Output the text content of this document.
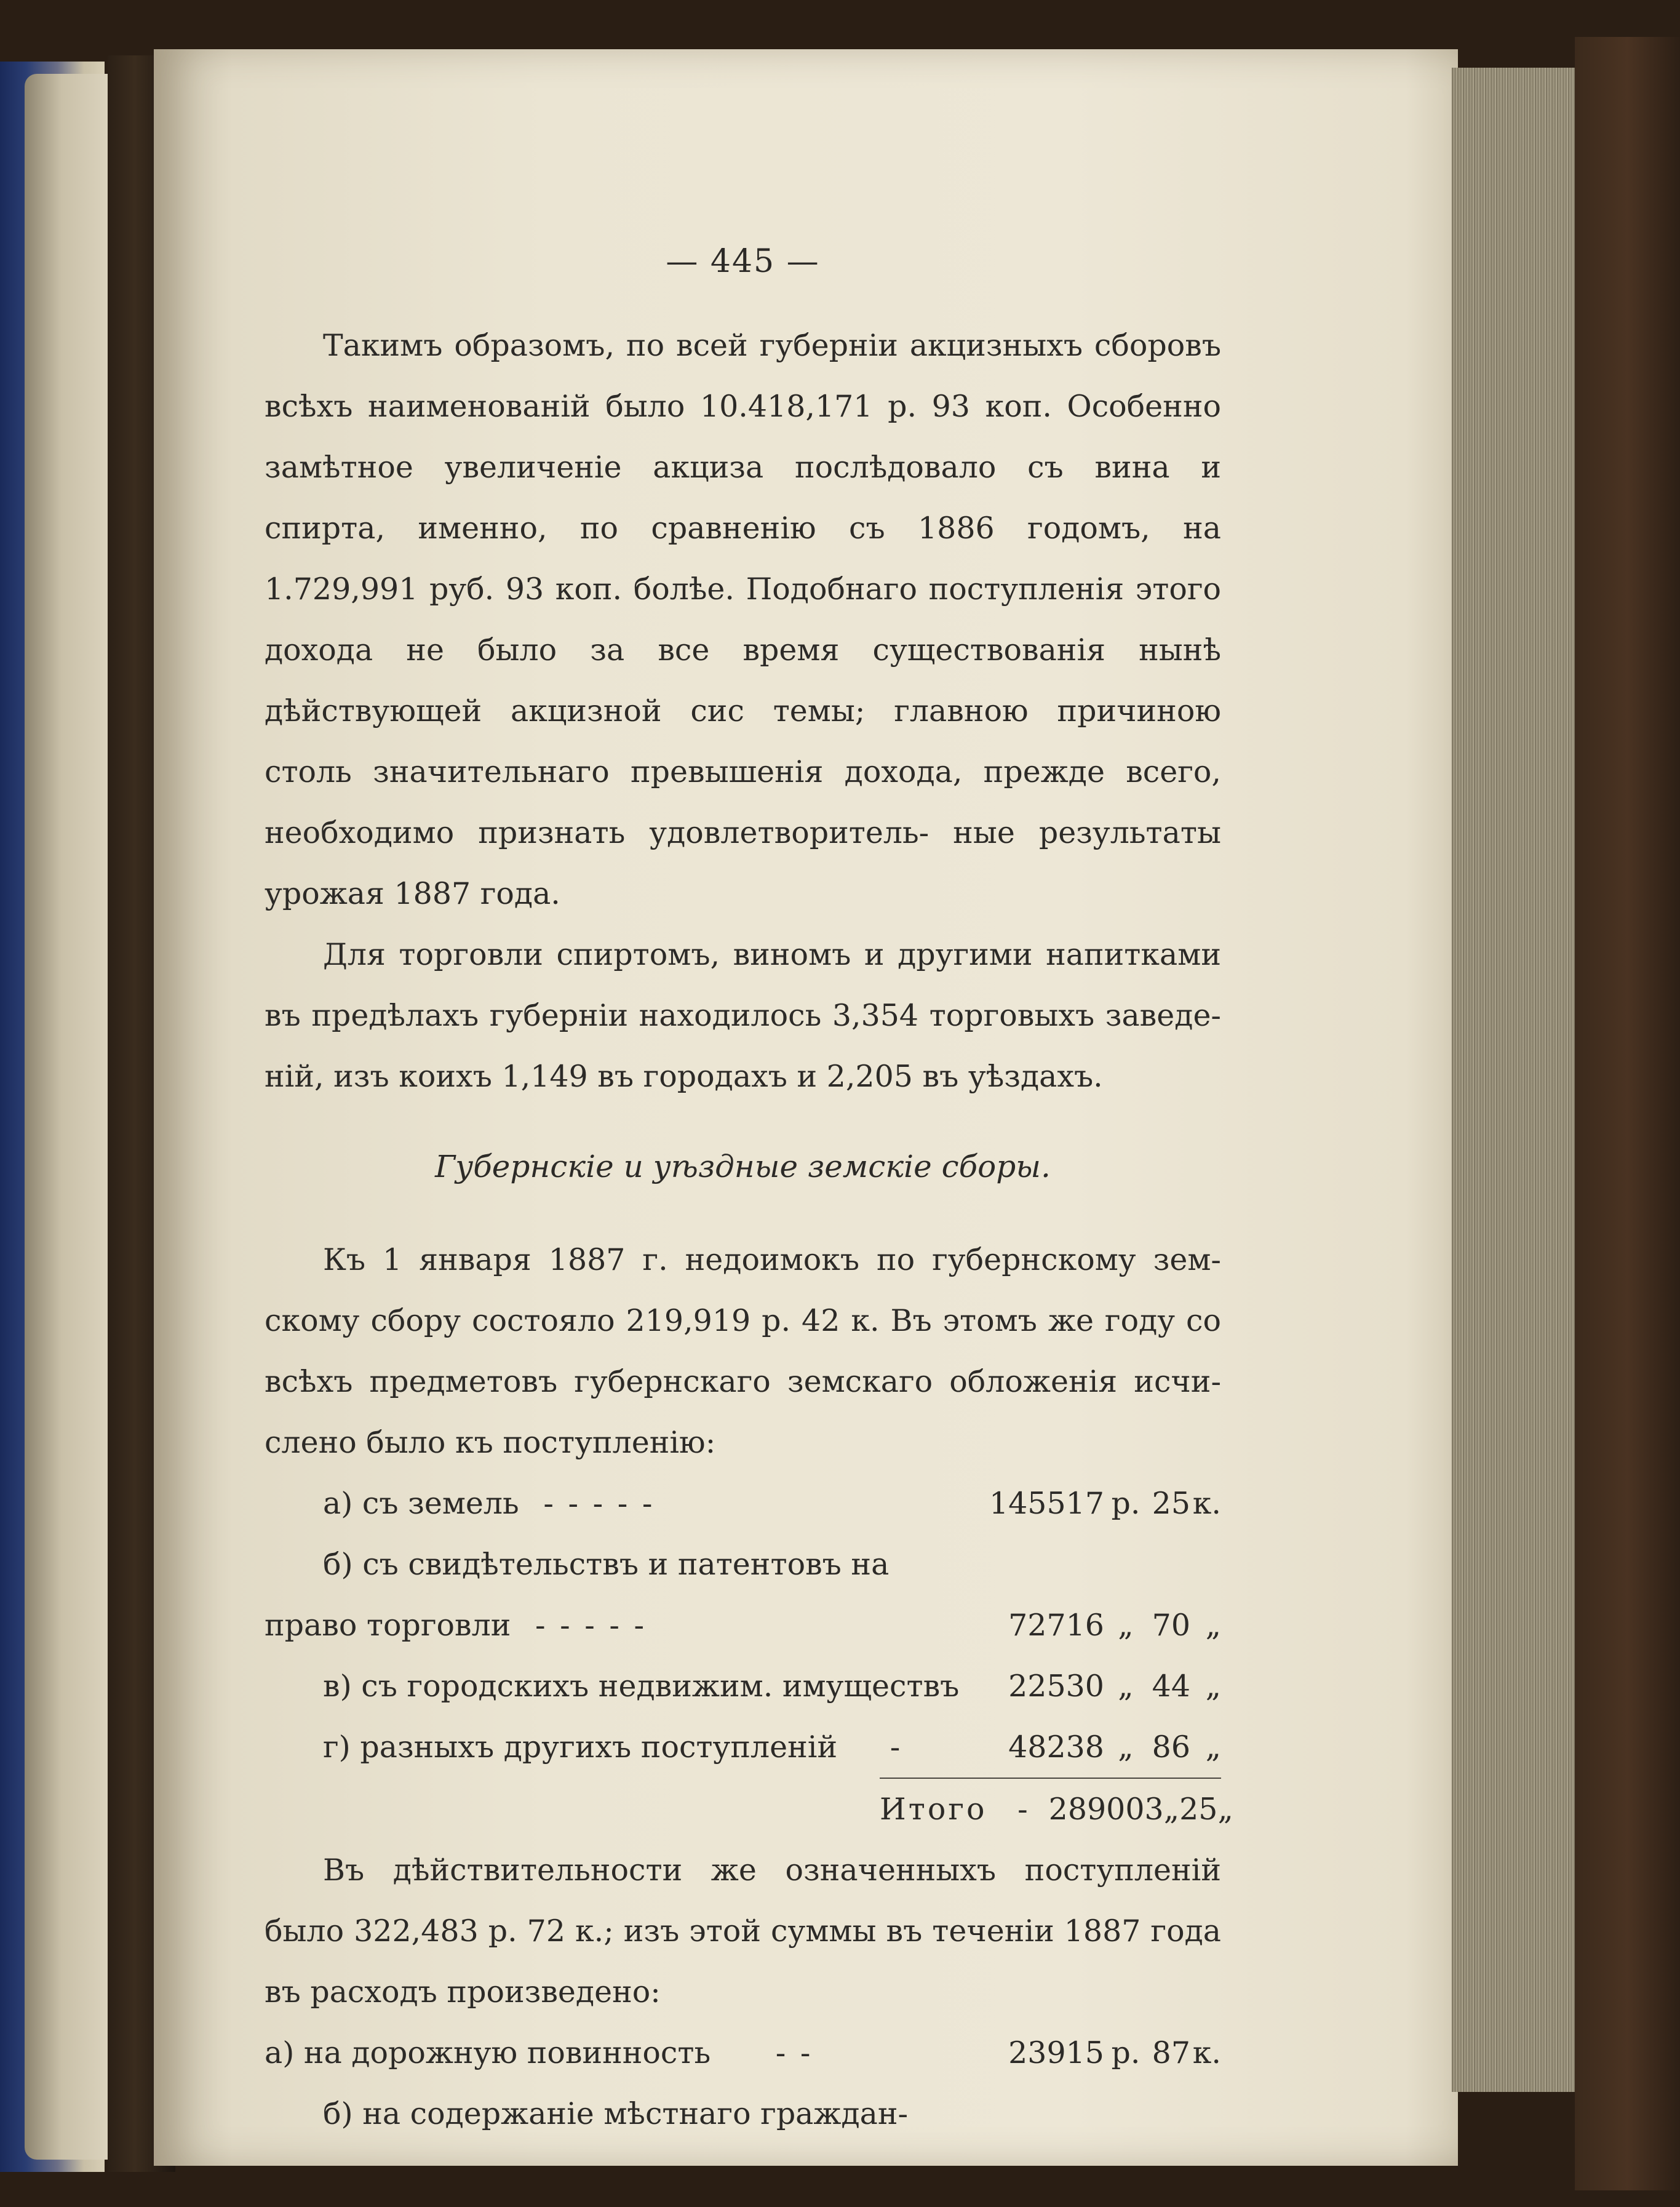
— 445 —

Такимъ образомъ, по всей губерніи акцизныхъ сборовъ всѣхъ наименованій было 10.418,171 р. 93 коп. Особенно замѣтное увеличеніе акциза послѣдовало съ вина и спирта, именно, по сравненію съ 1886 годомъ, на 1.729,991 руб. 93 коп. болѣе. Подобнаго поступленія этого дохода не было за все время существованія нынѣ дѣйствующей акцизной сис темы; главною причиною столь значительнаго превышенія дохода, прежде всего, необходимо признать удовлетворитель- ные результаты урожая 1887 года.

Для торговли спиртомъ, виномъ и другими напитками въ предѣлахъ губерніи находилось 3,354 торговыхъ заведе- ній, изъ коихъ 1,149 въ городахъ и 2,205 въ уѣздахъ.

Губернскіе и уѣздные земскіе сборы.

Къ 1 января 1887 г. недоимокъ по губернскому зем- скому сбору состояло 219,919 р. 42 к. Въ этомъ же году со всѣхъ предметовъ губернскаго земскаго обложенія исчи- слено было къ поступленію:

а) съ земель - - - - -	145517 р. 25 к.
б) съ свидѣтельствъ и патентовъ на
право торговли - - - - -	72716 „ 70 „
в) съ городскихъ недвижим. имуществъ	22530 „ 44 „
г) разныхъ другихъ поступленій -	48238 „ 86 „
Итого - 289003 „ 25 „

Въ дѣйствительности же означенныхъ поступленій было 322,483 р. 72 к.; изъ этой суммы въ теченіи 1887 года въ расходъ произведено:

а) на дорожную повинность - -	23915 р. 87 к.
б) на содержаніе мѣстнаго граждан-
